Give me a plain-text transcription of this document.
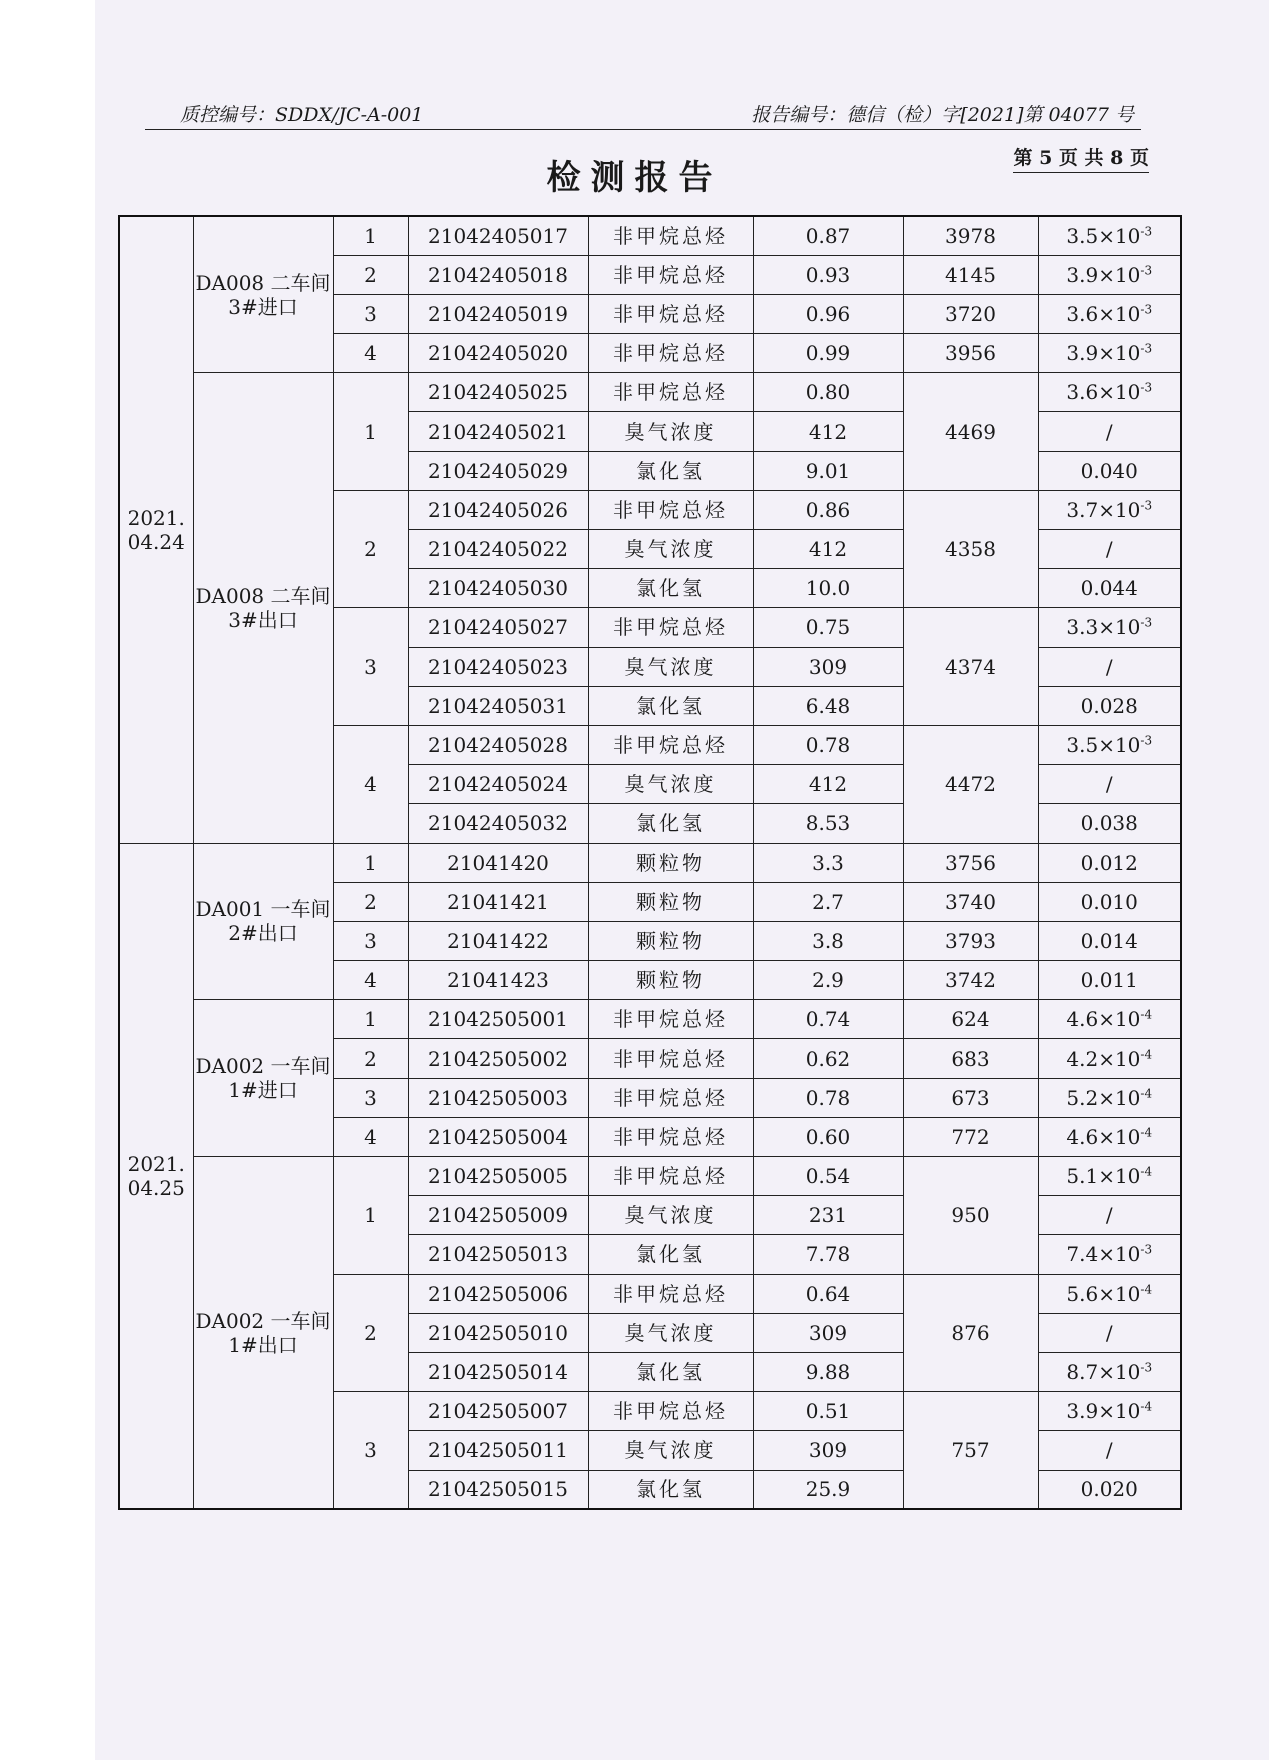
质控编号：SDDX/JC-A-001	报告编号：德信（检）字[2021]第 04077 号
检测报告	第 5 页 共 8 页
2021.
04.24	DA008 二车间 3#进口	1	21042405017	非甲烷总烃	0.87	3978	$3.5\times 10^{-3}$
		2	21042405018	非甲烷总烃	0.93	4145	$3.9\times 10^{-3}$
		3	21042405019	非甲烷总烃	0.96	3720	$3.6\times 10^{-3}$
		4	21042405020	非甲烷总烃	0.99	3956	$3.9\times 10^{-3}$
	DA008 二车间 3#出口	1	21042405025	非甲烷总烃	0.80	4469	$3.6\times 10^{-3}$
			21042405021	臭气浓度	412		/
			21042405029	氯化氢	9.01		0.040
		2	21042405026	非甲烷总烃	0.86	4358	$3.7\times 10^{-3}$
			21042405022	臭气浓度	412		/
			21042405030	氯化氢	10.0		0.044
		3	21042405027	非甲烷总烃	0.75	4374	$3.3\times 10^{-3}$
			21042405023	臭气浓度	309		/
			21042405031	氯化氢	6.48		0.028
		4	21042405028	非甲烷总烃	0.78	4472	$3.5\times 10^{-3}$
			21042405024	臭气浓度	412		/
			21042405032	氯化氢	8.53		0.038
2021.
04.25	DA001 一车间 2#出口	1	21041420	颗粒物	3.3	3756	0.012
		2	21041421	颗粒物	2.7	3740	0.010
		3	21041422	颗粒物	3.8	3793	0.014
		4	21041423	颗粒物	2.9	3742	0.011
	DA002 一车间 1#进口	1	21042505001	非甲烷总烃	0.74	624	$4.6\times 10^{-4}$
		2	21042505002	非甲烷总烃	0.62	683	$4.2\times 10^{-4}$
		3	21042505003	非甲烷总烃	0.78	673	$5.2\times 10^{-4}$
		4	21042505004	非甲烷总烃	0.60	772	$4.6\times 10^{-4}$
	DA002 一车间 1#出口	1	21042505005	非甲烷总烃	0.54	950	$5.1\times 10^{-4}$
			21042505009	臭气浓度	231		/
			21042505013	氯化氢	7.78		$7.4\times 10^{-3}$
		2	21042505006	非甲烷总烃	0.64	876	$5.6\times 10^{-4}$
			21042505010	臭气浓度	309		/
			21042505014	氯化氢	9.88		$8.7\times 10^{-3}$
		3	21042505007	非甲烷总烃	0.51	757	$3.9\times 10^{-4}$
			21042505011	臭气浓度	309		/
			21042505015	氯化氢	25.9		0.020
